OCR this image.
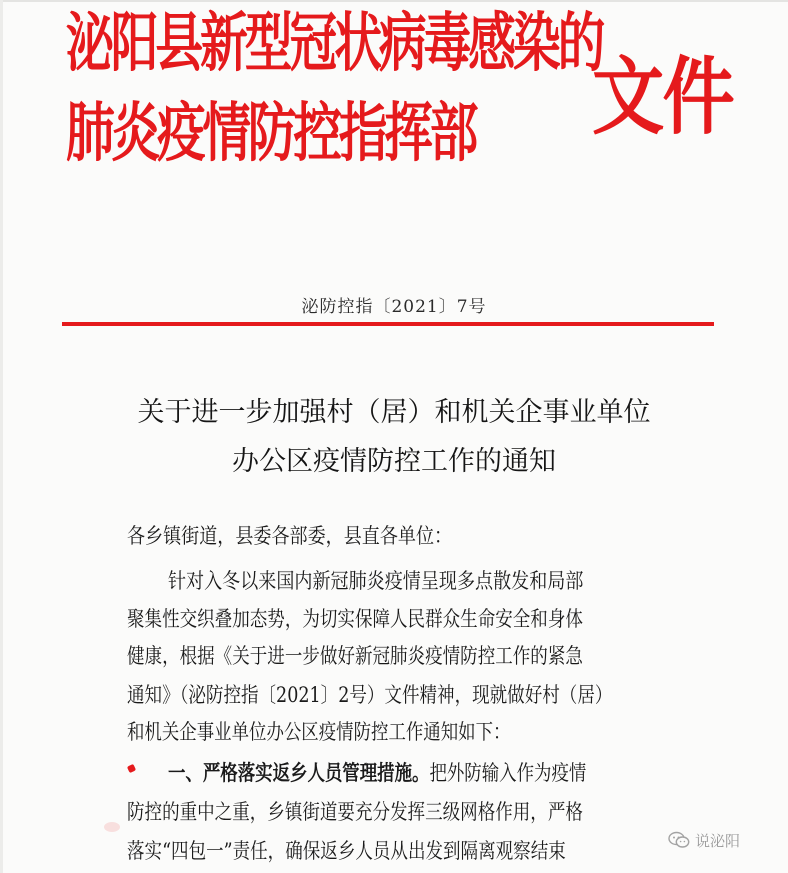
泌阳县新型冠状病毒感染的
肺炎疫情防控指挥部 文件
泌防控指〔2021〕7号
关于进一步加强村（居）和机关企事业单位
办公区疫情防控工作的通知

各乡镇街道，县委各部委，县直各单位：

针对入冬以来国内新冠肺炎疫情呈现多点散发和局部

聚集性交织叠加态势，为切实保障人民群众生命安全和身体

健康，根据《关于进一步做好新冠肺炎疫情防控工作的紧急

通知》（泌防控指〔2021〕2号）文件精神，现就做好村（居）

和机关企事业单位办公区疫情防控工作通知如下：

一、严格落实返乡人员管理措施。把外防输入作为疫情

防控的重中之重，乡镇街道要充分发挥三级网格作用，严格

落实“四包一”责任，确保返乡人员从出发到隔离观察结束	说泌阳
